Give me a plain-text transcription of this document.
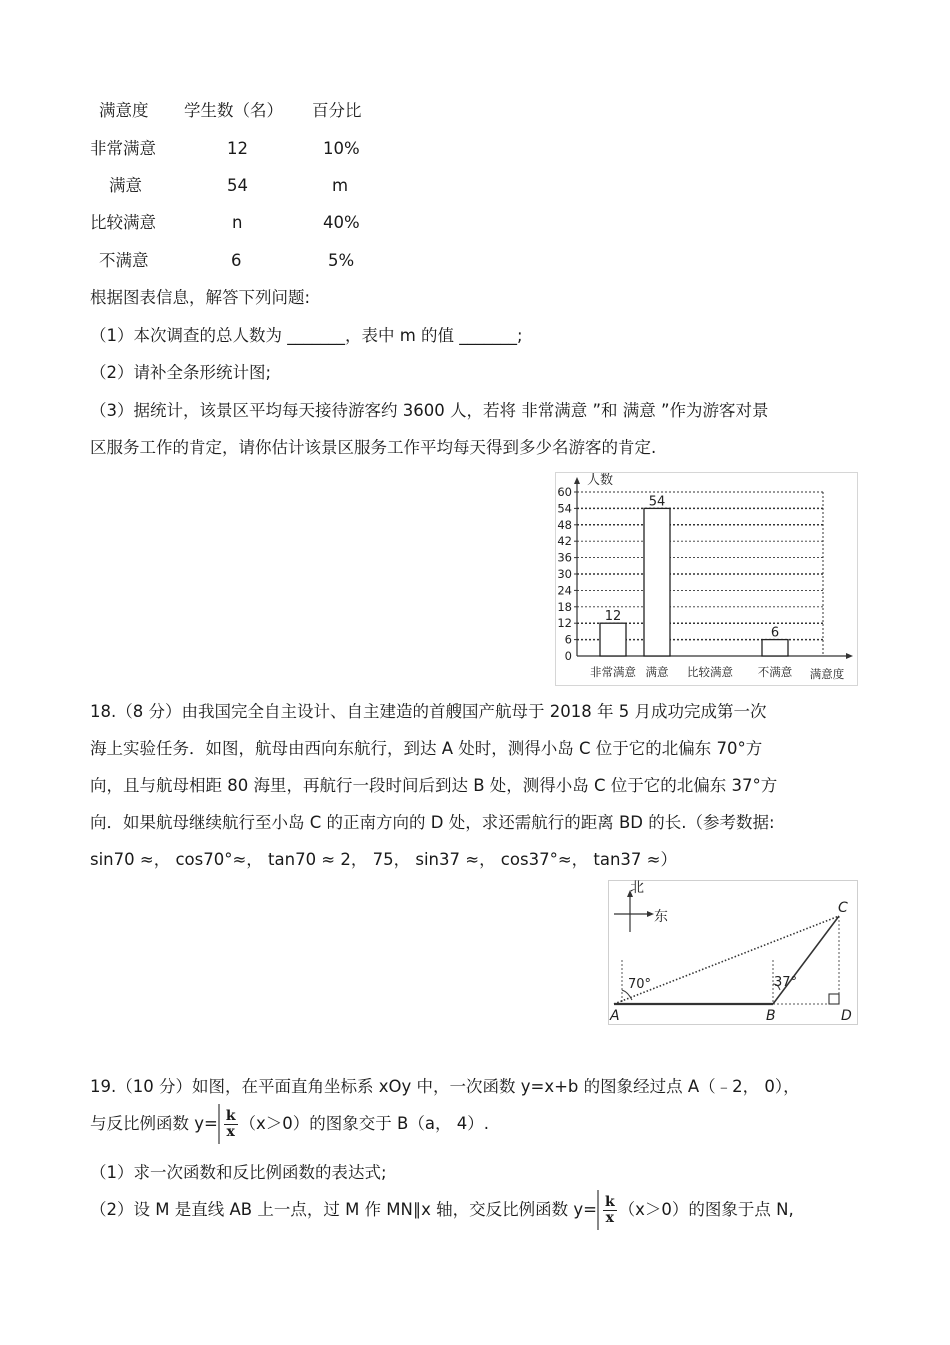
满意度 学生数（名） 百分比
非常满意	12	10%
满意	54	m
比较满意	n	40%
不满意	6	5%
根据图表信息，解答下列问题:
（1）本次调查的总人数为 _______，表中 m 的值 _______;
（2）请补全条形统计图;
（3）据统计，该景区平均每天接待游客约 3600 人，若将 非常满意 ”和 满意 ”作为游客对景
区服务工作的肯定，请你估计该景区服务工作平均每天得到多少名游客的肯定.
0
6
12
18
24
30
36
42
48
54
60
人数
12
非常满意
54
满意 比较满意
6
不满意 满意度
18.（8 分）由我国完全自主设计、自主建造的首艘国产航母于 2018 年 5 月成功完成第一次
海上实验任务．如图，航母由西向东航行，到达 A 处时，测得小岛 C 位于它的北偏东 70°方
向，且与航母相距 80 海里，再航行一段时间后到达 B 处，测得小岛 C 位于它的北偏东 37°方
向．如果航母继续航行至小岛 C 的正南方向的 D 处，求还需航行的距离 BD 的长.（参考数据:
sin70 ≈， cos70°≈， tan70 ≈ 2， 75， sin37 ≈， cos37°≈， tan37 ≈）
北
东
70°	37°
A	B
C
D
19.（10 分）如图，在平面直角坐标系 xOy 中，一次函数 y=x+b 的图象经过点 A（﹣2， 0），
与反比例函数 $y= \frac{k}{x} (x>0)$的图象交于 B（a， 4）.
（1）求一次函数和反比例函数的表达式;
（2）设 M 是直线 AB 上一点，过 M 作 MN∥x 轴，交反比例函数 $y= \frac{k}{x} (x>0)$的图象于点 N,
